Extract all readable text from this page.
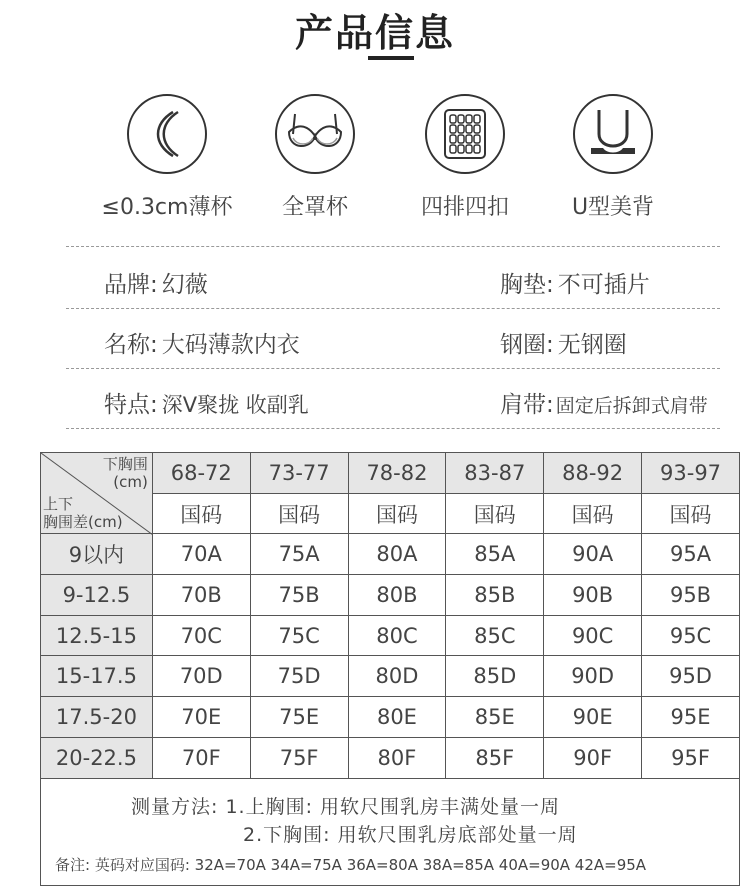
产品信息
≤0.3cm薄杯	全罩杯	四排四扣	U型美背
品牌: 幻薇	胸垫: 不可插片
名称: 大码薄款内衣	钢圈: 无钢圈
特点: 深V聚拢 收副乳	肩带: 固定后拆卸式肩带
下胸围
(cm)
上下
胸围差(cm)	68-72	73-77	78-82	83-87	88-92	93-97
	国码	国码	国码	国码	国码	国码
9以内	70A	75A	80A	85A	90A	95A
9-12.5	70B	75B	80B	85B	90B	95B
12.5-15	70C	75C	80C	85C	90C	95C
15-17.5	70D	75D	80D	85D	90D	95D
17.5-20	70E	75E	80E	85E	90E	95E
20-22.5	70F	75F	80F	85F	90F	95F
测量方法: 1.上胸围: 用软尺围乳房丰满处量一周
2.下胸围: 用软尺围乳房底部处量一周
备注: 英码对应国码: 32A=70A 34A=75A 36A=80A 38A=85A 40A=90A 42A=95A
